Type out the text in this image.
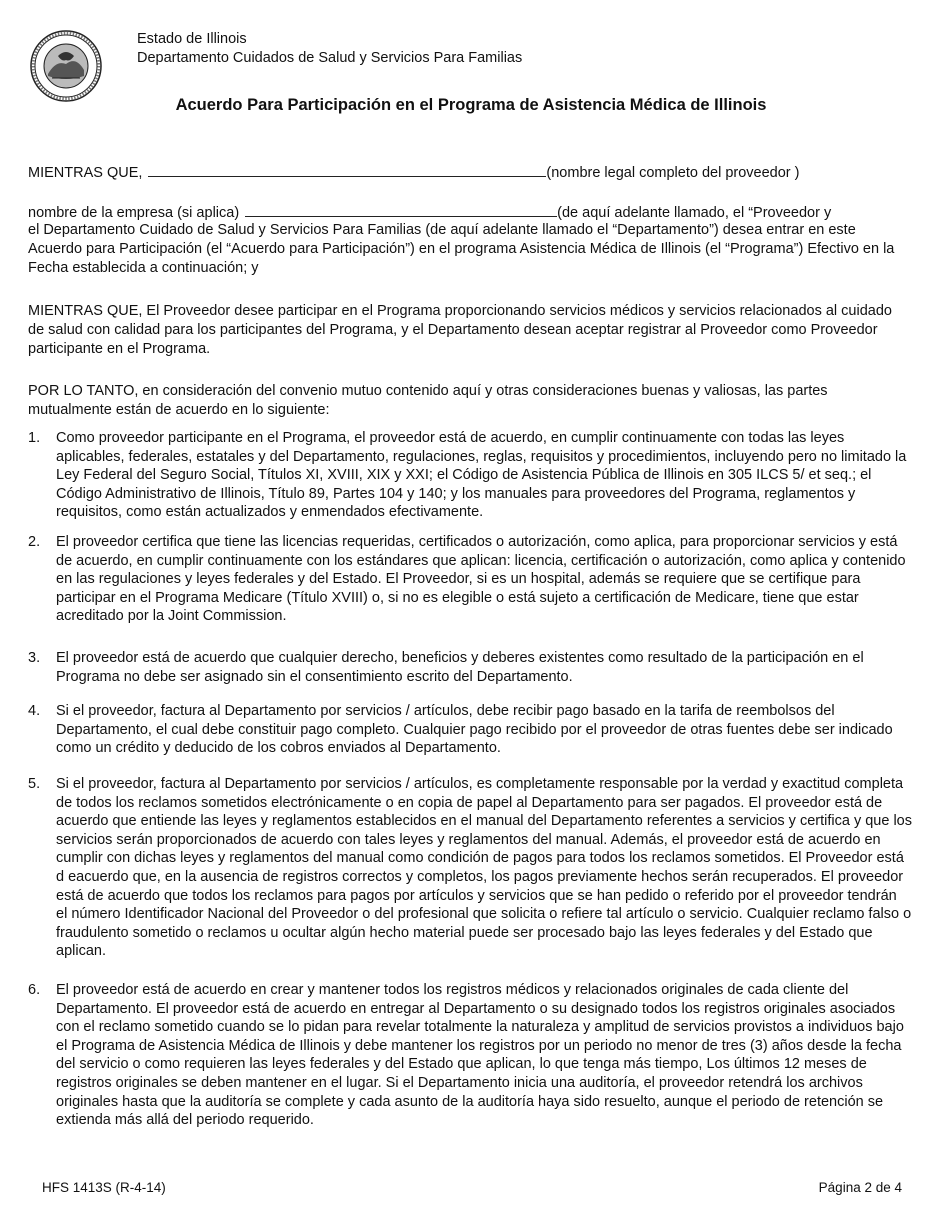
Estado de Illinois
Departamento Cuidados de Salud y Servicios Para Familias
Acuerdo Para Participación en el Programa de Asistencia Médica de Illinois
MIENTRAS QUE,	(nombre legal completo del proveedor )
nombre de la empresa (si aplica)	(de aquí adelante llamado, el “Proveedor y
el Departamento Cuidado de Salud y Servicios Para Familias (de aquí adelante llamado el “Departamento”) desea entrar en este Acuerdo para Participación (el “Acuerdo para Participación”) en el programa Asistencia Médica de Illinois (el “Programa”) Efectivo en la Fecha establecida a continuación; y
MIENTRAS QUE, El Proveedor desee participar en el Programa proporcionando servicios médicos y servicios relacionados al cuidado de salud con calidad para los participantes del Programa, y el Departamento desean aceptar registrar al Proveedor como Proveedor participante en el Programa.
POR LO TANTO, en consideración del convenio mutuo contenido aquí y otras consideraciones buenas y valiosas, las partes mutualmente están de acuerdo en lo siguiente:
1.	Como proveedor participante en el Programa, el proveedor está de acuerdo, en cumplir continuamente con todas las leyes aplicables, federales, estatales y del Departamento, regulaciones, reglas, requisitos y procedimientos, incluyendo pero no limitado la Ley Federal del Seguro Social, Títulos XI, XVIII, XIX y XXI; el Código de Asistencia Pública de Illinois en 305 ILCS 5/ et seq.; el Código Administrativo de Illinois, Título 89, Partes 104 y 140; y los manuales para proveedores del Programa, reglamentos y requisitos, como están actualizados y enmendados efectivamente.
2.	El proveedor certifica que tiene las licencias requeridas, certificados o autorización, como aplica, para proporcionar servicios y está de acuerdo, en cumplir continuamente con los estándares que aplican: licencia, certificación o autorización, como aplica y contenido en las regulaciones y leyes federales y del Estado. El Proveedor, si es un hospital, además se requiere que se certifique para participar en el Programa Medicare (Título XVIII) o, si no es elegible o está sujeto a certificación de Medicare, tiene que estar acreditado por la Joint Commission.
3.	El proveedor está de acuerdo que cualquier derecho, beneficios y deberes existentes como resultado de la participación en el Programa no debe ser asignado sin el consentimiento escrito del Departamento.
4.	Si el proveedor, factura al Departamento por servicios / artículos, debe recibir pago basado en la tarifa de reembolsos del Departamento, el cual debe constituir pago completo. Cualquier pago recibido por el proveedor de otras fuentes debe ser indicado como un crédito y deducido de los cobros enviados al Departamento.
5.	Si el proveedor, factura al Departamento por servicios / artículos, es completamente responsable por la verdad y exactitud completa de todos los reclamos sometidos electrónicamente o en copia de papel al Departamento para ser pagados. El proveedor está de acuerdo que entiende las leyes y reglamentos establecidos en el manual del Departamento referentes a servicios y certifica y que los servicios serán proporcionados de acuerdo con tales leyes y reglamentos del manual. Además, el proveedor está de acuerdo en cumplir con dichas leyes y reglamentos del manual como condición de pagos para todos los reclamos sometidos. El Proveedor está d eacuerdo que, en la ausencia de registros correctos y completos, los pagos previamente hechos serán recuperados. El proveedor está de acuerdo que todos los reclamos para pagos por artículos y servicios que se han pedido o referido por el proveedor tendrán el número Identificador Nacional del Proveedor o del profesional que solicita o refiere tal artículo o servicio. Cualquier reclamo falso o fraudulento sometido o reclamos u ocultar algún hecho material puede ser procesado bajo las leyes federales y del Estado que aplican.
6.	El proveedor está de acuerdo en crear y mantener todos los registros médicos y relacionados originales de cada cliente del Departamento. El proveedor está de acuerdo en entregar al Departamento o su designado todos los registros originales asociados con el reclamo sometido cuando se lo pidan para revelar totalmente la naturaleza y amplitud de servicios provistos a individuos bajo el Programa de Asistencia Médica de Illinois y debe mantener los registros por un periodo no menor de tres (3) años desde la fecha del servicio o como requieren las leyes federales y del Estado que aplican, lo que tenga más tiempo, Los últimos 12 meses de registros originales se deben mantener en el lugar. Si el Departamento inicia una auditoría, el proveedor retendrá los archivos originales hasta que la auditoría se complete y cada asunto de la auditoría haya sido resuelto, aunque el periodo de retención se extienda más allá del periodo requerido.
HFS 1413S (R-4-14)	Página 2 de 4
